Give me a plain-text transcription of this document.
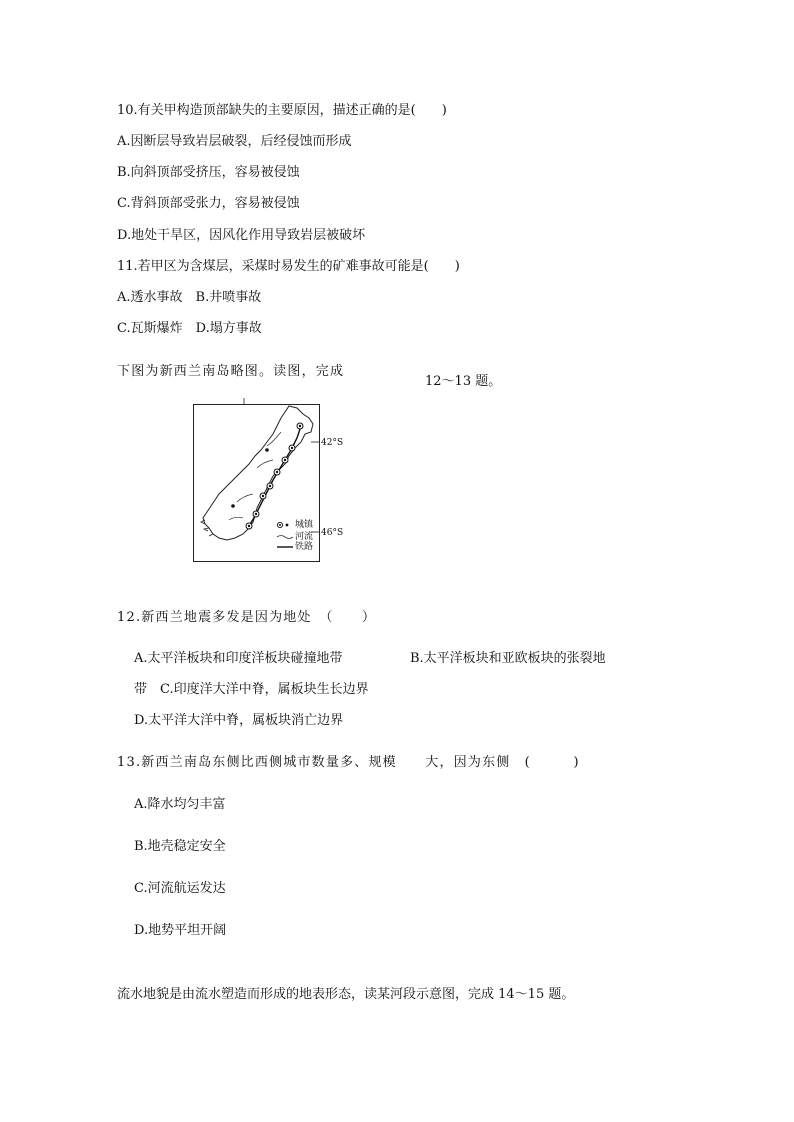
10.有关甲构造顶部缺失的主要原因，描述正确的是(　　)
A.因断层导致岩层破裂，后经侵蚀而形成
B.向斜顶部受挤压，容易被侵蚀
C.背斜顶部受张力，容易被侵蚀
D.地处干旱区，因风化作用导致岩层被破坏
11.若甲区为含煤层，采煤时易发生的矿难事故可能是(　　)
A.透水事故　B.井喷事故
C.瓦斯爆炸　D.塌方事故
下图为新西兰南岛略图。读图，完成
12～13 题。
42°S
46°S
城镇
河流
铁路
12.新西兰地震多发是因为地处　（　　）
A.太平洋板块和印度洋板块碰撞地带	B.太平洋板块和亚欧板块的张裂地
带　C.印度洋大洋中脊，属板块生长边界
D.太平洋大洋中脊，属板块消亡边界
13.新西兰南岛东侧比西侧城市数量多、规模　　大，因为东侧　(　　　)
A.降水均匀丰富
B.地壳稳定安全
C.河流航运发达
D.地势平坦开阔
流水地貌是由流水塑造而形成的地表形态，读某河段示意图，完成 14～15 题。
